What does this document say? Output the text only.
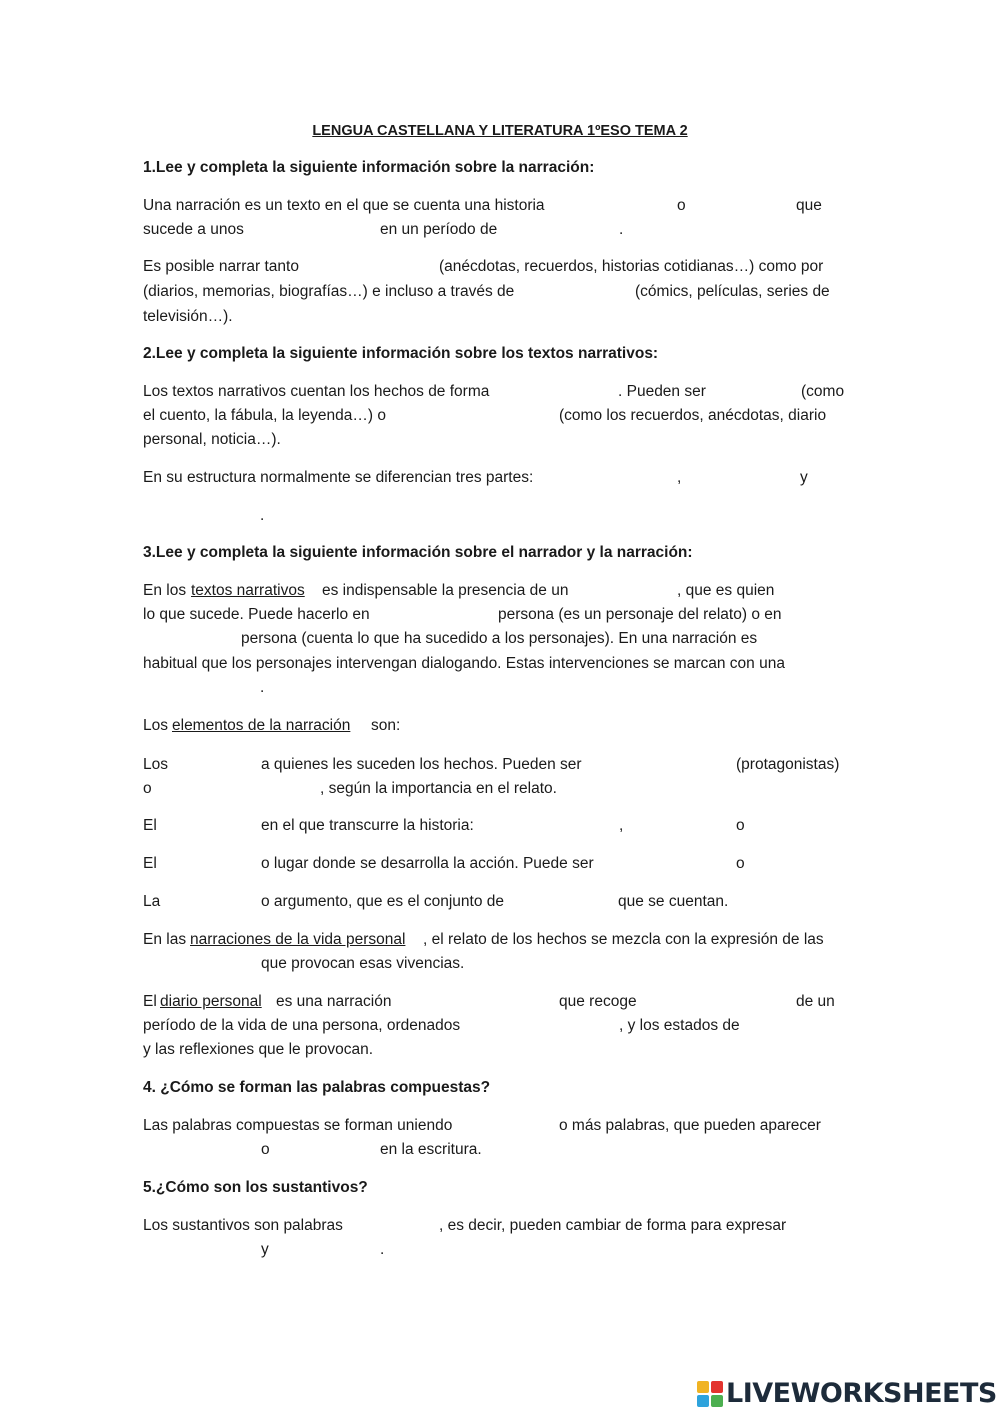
LENGUA CASTELLANA Y LITERATURA 1ºESO TEMA 2
1.Lee y completa la siguiente información sobre la narración:
Una narración es un texto en el que se cuenta una historia	o	que
sucede a unos	en un período de	.
Es posible narrar tanto	(anécdotas, recuerdos, historias cotidianas…) como por
(diarios, memorias, biografías…) e incluso a través de	(cómics, películas, series de
televisión…).
2.Lee y completa la siguiente información sobre los textos narrativos:
Los textos narrativos cuentan los hechos de forma	. Pueden ser	(como
el cuento, la fábula, la leyenda…) o	(como los recuerdos, anécdotas, diario
personal, noticia…).
En su estructura normalmente se diferencian tres partes:	,	y
.
3.Lee y completa la siguiente información sobre el narrador y la narración:
En los textos narrativos es indispensable la presencia de un	, que es quien
lo que sucede. Puede hacerlo en	persona (es un personaje del relato) o en
persona (cuenta lo que ha sucedido a los personajes). En una narración es
habitual que los personajes intervengan dialogando. Estas intervenciones se marcan con una
.
Los elementos de la narración son:
Los	a quienes les suceden los hechos. Pueden ser	(protagonistas)
o	, según la importancia en el relato.
El	en el que transcurre la historia:	,	o
El	o lugar donde se desarrolla la acción. Puede ser	o
La	o argumento, que es el conjunto de	que se cuentan.
En las narraciones de la vida personal , el relato de los hechos se mezcla con la expresión de las
que provocan esas vivencias.
El diario personal es una narración	que recoge	de un
período de la vida de una persona, ordenados	, y los estados de
y las reflexiones que le provocan.
4. ¿Cómo se forman las palabras compuestas?
Las palabras compuestas se forman uniendo	o más palabras, que pueden aparecer
o	en la escritura.
5.¿Cómo son los sustantivos?
Los sustantivos son palabras	, es decir, pueden cambiar de forma para expresar
y	.
LIVEWORKSHEETS
